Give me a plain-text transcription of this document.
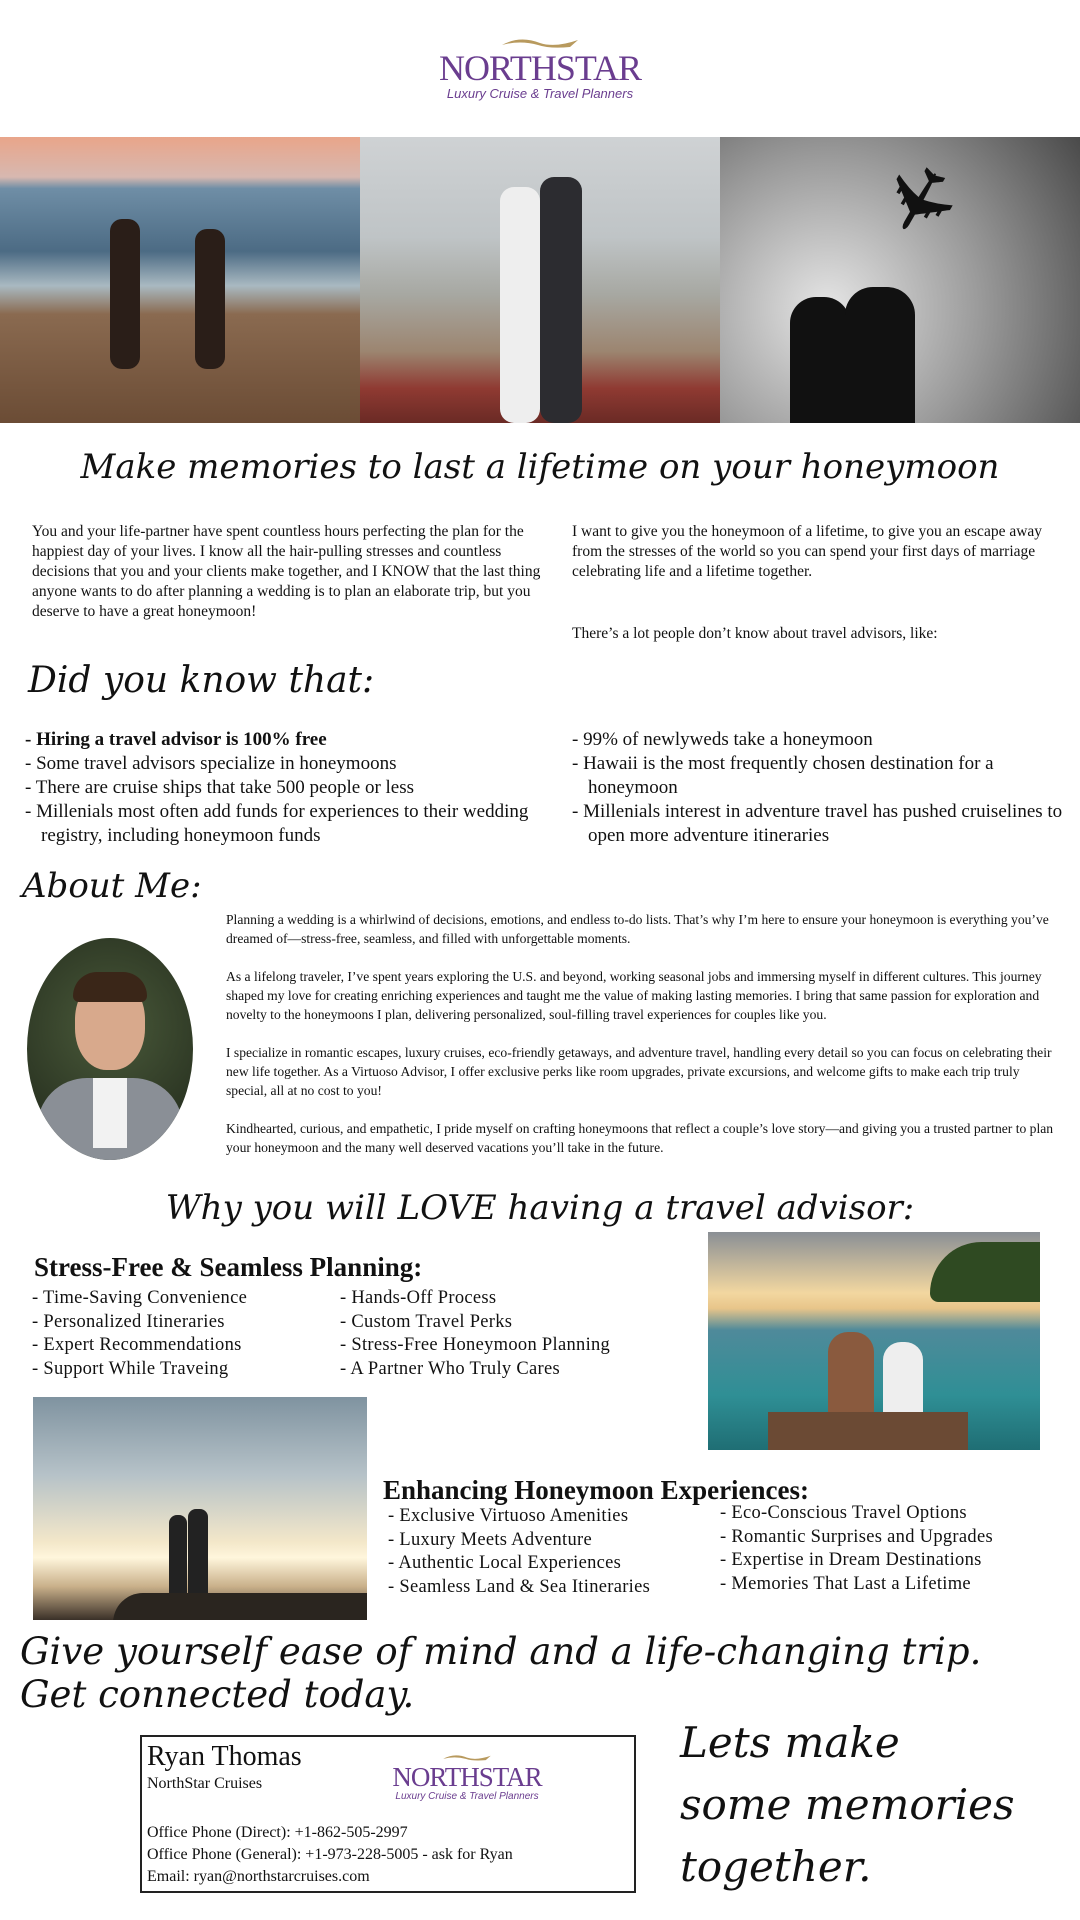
NORTHSTAR
Luxury Cruise & Travel Planners
✈
Make memories to last a lifetime on your honeymoon

You and your life-partner have spent countless hours perfecting the plan for the happiest day of your lives. I know all the hair-pulling stresses and countless decisions that you and your clients make together, and I KNOW that the last thing anyone wants to do after planning a wedding is to plan an elaborate trip, but you deserve to have a great honeymoon!

I want to give you the honeymoon of a lifetime, to give you an escape away from the stresses of the world so you can spend your first days of marriage celebrating life and a lifetime together.

There’s a lot people don’t know about travel advisors, like:

Did you know that:
- Hiring a travel advisor is 100% free
- Some travel advisors specialize in honeymoons
- There are cruise ships that take 500 people or less
- Millenials most often add funds for experiences to their wedding registry, including honeymoon funds
- 99% of newlyweds take a honeymoon
- Hawaii is the most frequently chosen destination for a honeymoon
- Millenials interest in adventure travel has pushed cruiselines to open more adventure itineraries
About Me:

Planning a wedding is a whirlwind of decisions, emotions, and endless to-do lists. That’s why I’m here to ensure your honeymoon is everything you’ve dreamed of—stress-free, seamless, and filled with unforgettable moments.

As a lifelong traveler, I’ve spent years exploring the U.S. and beyond, working seasonal jobs and immersing myself in different cultures. This journey shaped my love for creating enriching experiences and taught me the value of making lasting memories. I bring that same passion for exploration and novelty to the honeymoons I plan, delivering personalized, soul-filling travel experiences for couples like you.

I specialize in romantic escapes, luxury cruises, eco-friendly getaways, and adventure travel, handling every detail so you can focus on celebrating their new life together. As a Virtuoso Advisor, I offer exclusive perks like room upgrades, private excursions, and welcome gifts to make each trip truly special, all at no cost to you!

Kindhearted, curious, and empathetic, I pride myself on crafting honeymoons that reflect a couple’s love story—and giving you a trusted partner to plan your honeymoon and the many well deserved vacations you’ll take in the future.

Why you will LOVE having a travel advisor:
Stress-Free & Seamless Planning:
- Time-Saving Convenience
- Personalized Itineraries
- Expert Recommendations
- Support While Traveing
- Hands-Off Process
- Custom Travel Perks
- Stress-Free Honeymoon Planning
- A Partner Who Truly Cares
Enhancing Honeymoon Experiences:
- Exclusive Virtuoso Amenities
- Luxury Meets Adventure
- Authentic Local Experiences
- Seamless Land & Sea Itineraries
- Eco-Conscious Travel Options
- Romantic Surprises and Upgrades
- Expertise in Dream Destinations
- Memories That Last a Lifetime
Give yourself ease of mind and a life-changing trip.
Get connected today.
Ryan Thomas
NorthStar Cruises	NORTHSTAR
Luxury Cruise & Travel Planners
Office Phone (Direct): +1-862-505-2997
Office Phone (General): +1-973-228-5005 - ask for Ryan
Email: ryan@northstarcruises.com
Lets make
some memories
together.
